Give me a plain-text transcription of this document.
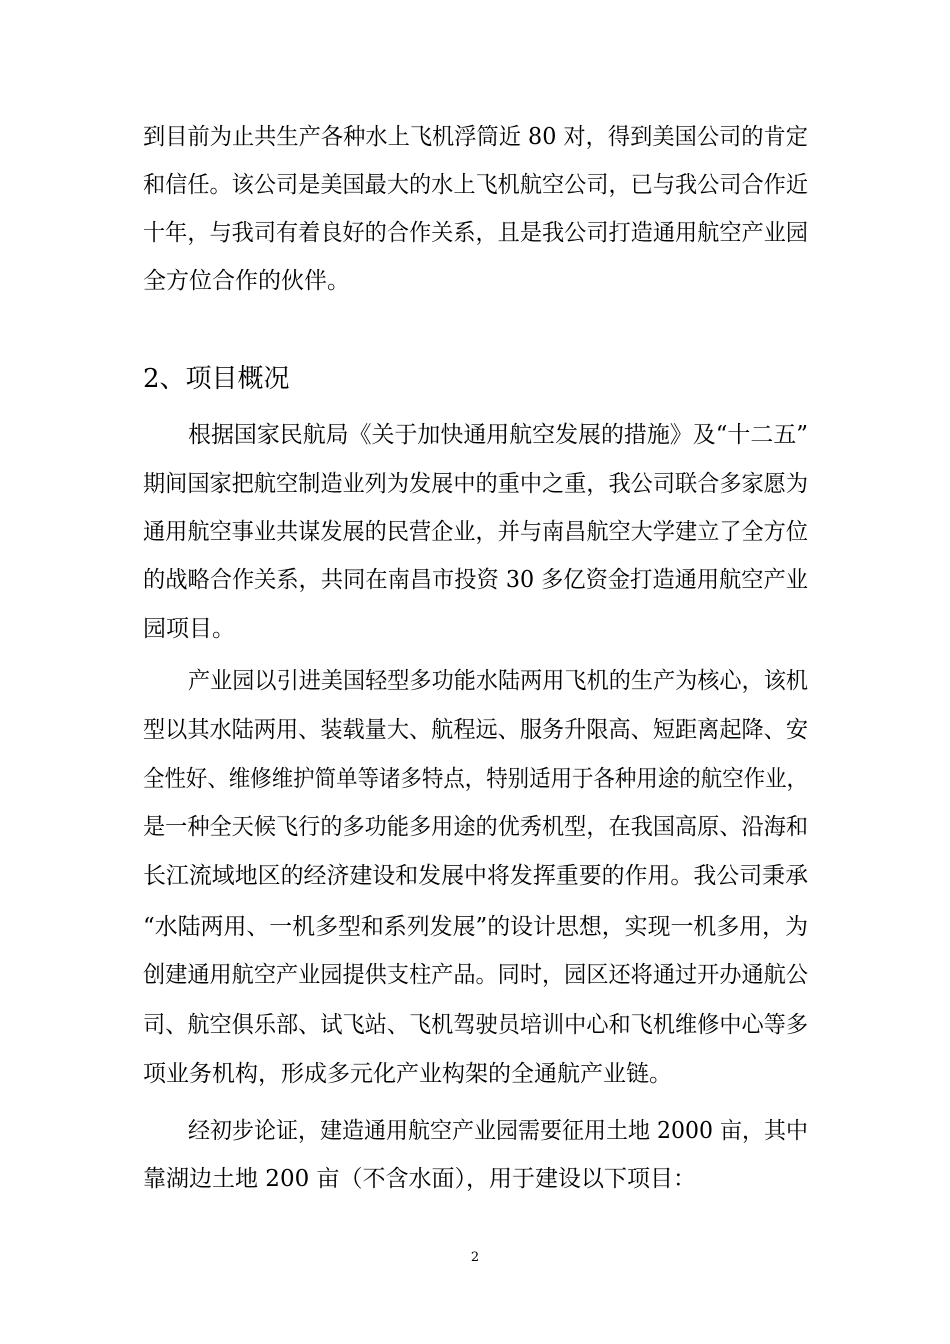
到目前为止共生产各种水上飞机浮筒近 80 对，得到美国公司的肯定
和信任。该公司是美国最大的水上飞机航空公司，已与我公司合作近
十年，与我司有着良好的合作关系，且是我公司打造通用航空产业园
全方位合作的伙伴。
2、项目概况
根据国家民航局《关于加快通用航空发展的措施》及“十二五”
期间国家把航空制造业列为发展中的重中之重，我公司联合多家愿为
通用航空事业共谋发展的民营企业，并与南昌航空大学建立了全方位
的战略合作关系，共同在南昌市投资 30 多亿资金打造通用航空产业
园项目。
产业园以引进美国轻型多功能水陆两用飞机的生产为核心，该机
型以其水陆两用、装载量大、航程远、服务升限高、短距离起降、安
全性好、维修维护简单等诸多特点，特别适用于各种用途的航空作业，
是一种全天候飞行的多功能多用途的优秀机型，在我国高原、沿海和
长江流域地区的经济建设和发展中将发挥重要的作用。我公司秉承
“水陆两用、一机多型和系列发展”的设计思想，实现一机多用，为
创建通用航空产业园提供支柱产品。同时，园区还将通过开办通航公
司、航空俱乐部、试飞站、飞机驾驶员培训中心和飞机维修中心等多
项业务机构，形成多元化产业构架的全通航产业链。
经初步论证，建造通用航空产业园需要征用土地 2000 亩，其中
靠湖边土地 200 亩（不含水面），用于建设以下项目：
2
